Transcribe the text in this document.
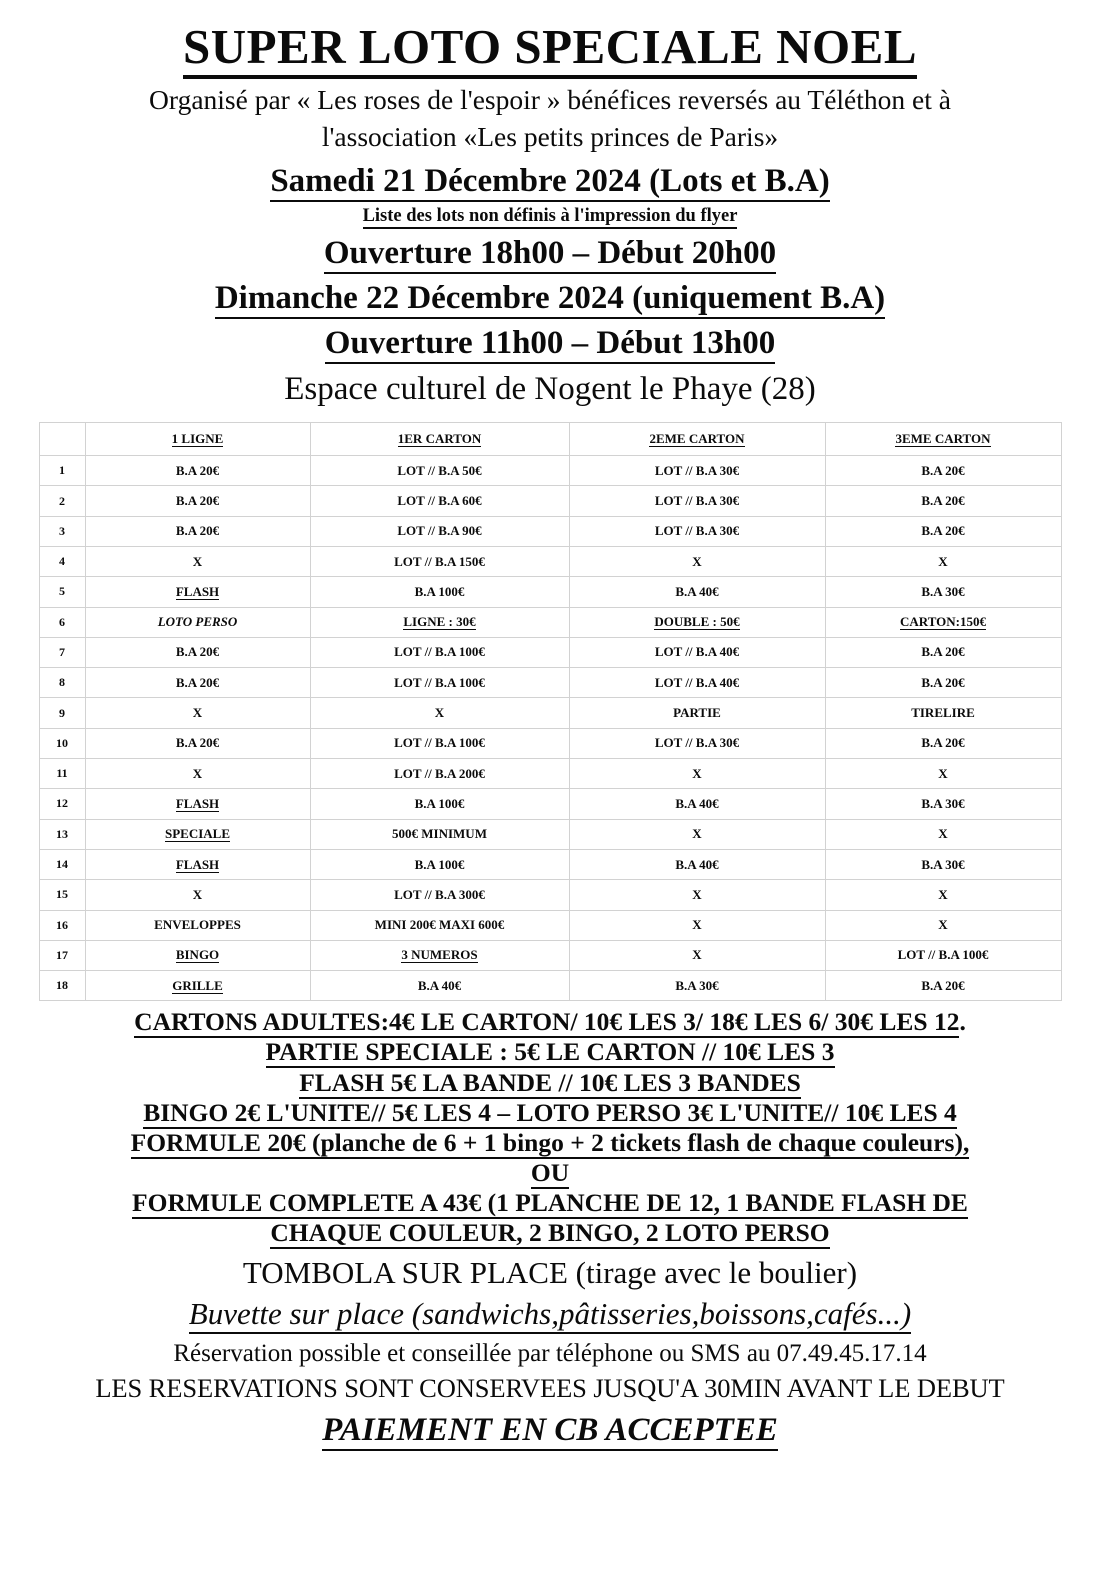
SUPER LOTO SPECIALE NOEL
Organisé par « Les roses de l'espoir » bénéfices reversés au Téléthon et à
l'association «Les petits princes de Paris»
Samedi 21 Décembre 2024 (Lots et B.A)
Liste des lots non définis à l'impression du flyer
Ouverture 18h00 – Début 20h00
Dimanche 22 Décembre 2024 (uniquement B.A)
Ouverture 11h00 – Début 13h00
Espace culturel de Nogent le Phaye (28)
	1 LIGNE	1ER CARTON	2EME CARTON	3EME CARTON
1	B.A 20€	LOT // B.A 50€	LOT // B.A 30€	B.A 20€
2	B.A 20€	LOT // B.A 60€	LOT // B.A 30€	B.A 20€
3	B.A 20€	LOT // B.A 90€	LOT // B.A 30€	B.A 20€
4	X	LOT // B.A 150€	X	X
5	FLASH	B.A 100€	B.A 40€	B.A 30€
6	LOTO PERSO	LIGNE : 30€	DOUBLE : 50€	CARTON:150€
7	B.A 20€	LOT // B.A 100€	LOT // B.A 40€	B.A 20€
8	B.A 20€	LOT // B.A 100€	LOT // B.A 40€	B.A 20€
9	X	X	PARTIE	TIRELIRE
10	B.A 20€	LOT // B.A 100€	LOT // B.A 30€	B.A 20€
11	X	LOT // B.A 200€	X	X
12	FLASH	B.A 100€	B.A 40€	B.A 30€
13	SPECIALE	500€ MINIMUM	X	X
14	FLASH	B.A 100€	B.A 40€	B.A 30€
15	X	LOT // B.A 300€	X	X
16	ENVELOPPES	MINI 200€ MAXI 600€	X	X
17	BINGO	3 NUMEROS	X	LOT // B.A 100€
18	GRILLE	B.A 40€	B.A 30€	B.A 20€
CARTONS ADULTES:4€ LE CARTON/ 10€ LES 3/ 18€ LES 6/ 30€ LES 12.
PARTIE SPECIALE : 5€ LE CARTON // 10€ LES 3
FLASH 5€ LA BANDE // 10€ LES 3 BANDES
BINGO 2€ L'UNITE// 5€ LES 4 – LOTO PERSO 3€ L'UNITE// 10€ LES 4
FORMULE 20€ (planche de 6 + 1 bingo + 2 tickets flash de chaque couleurs),
OU
FORMULE COMPLETE A 43€ (1 PLANCHE DE 12, 1 BANDE FLASH DE
CHAQUE COULEUR, 2 BINGO, 2 LOTO PERSO
TOMBOLA SUR PLACE (tirage avec le boulier)
Buvette sur place (sandwichs,pâtisseries,boissons,cafés...)
Réservation possible et conseillée par téléphone ou SMS au 07.49.45.17.14
LES RESERVATIONS SONT CONSERVEES JUSQU'A 30MIN AVANT LE DEBUT
PAIEMENT EN CB ACCEPTEE
